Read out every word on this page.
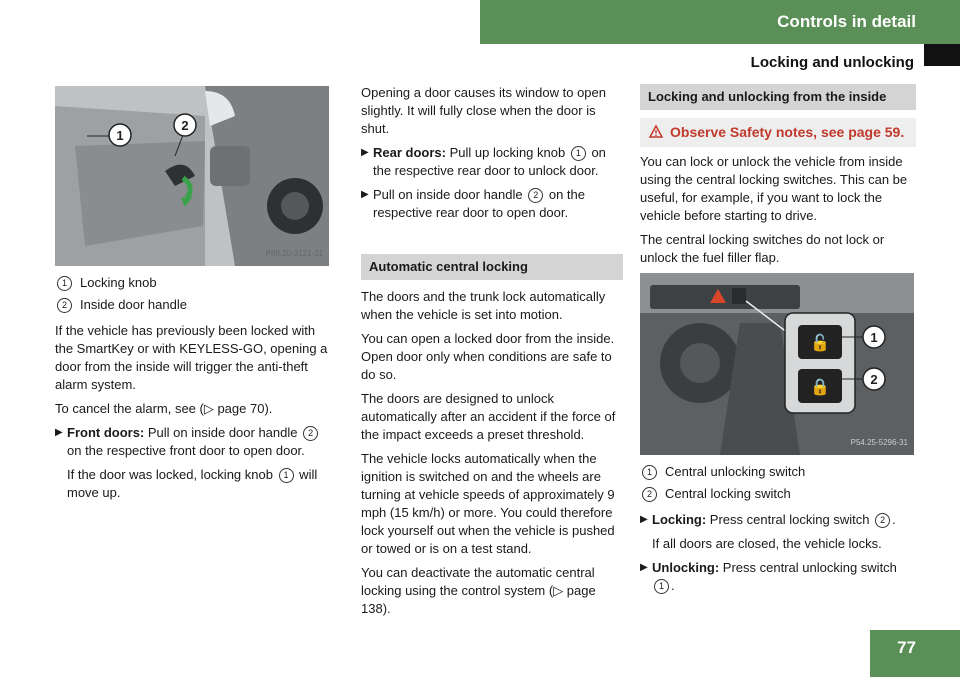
Controls in detail
Locking and unlocking
1
2
P88.20-3121-31
1	Locking knob
2	Inside door handle

If the vehicle has previously been locked with the SmartKey or with KEYLESS-GO, opening a door from the inside will trigger the anti-theft alarm system.

To cancel the alarm, see (▷ page 70).

▶ Front doors: Pull on inside door handle 2 on the respective front door to open door.
If the door was locked, locking knob 1 will move up.

Opening a door causes its window to open slightly. It will fully close when the door is shut.

▶ Rear doors: Pull up locking knob 1 on the respective rear door to unlock door.
▶ Pull on inside door handle 2 on the respective rear door to open door.
Automatic central locking

The doors and the trunk lock automatically when the vehicle is set into motion.

You can open a locked door from the inside. Open door only when conditions are safe to do so.

The doors are designed to unlock automatically after an accident if the force of the impact exceeds a preset threshold.

The vehicle locks automatically when the ignition is switched on and the wheels are turning at vehicle speeds of approximately 9 mph (15 km/h) or more. You could therefore lock yourself out when the vehicle is pushed or towed or is on a test stand.

You can deactivate the automatic central locking using the control system (▷ page 138).

Locking and unlocking from the inside
Observe Safety notes, see page 59.

You can lock or unlock the vehicle from inside using the central locking switches. This can be useful, for example, if you want to lock the vehicle before starting to drive.

The central locking switches do not lock or unlock the fuel filler flap.

🔓
🔒
1
2
P54.25-5296-31
1	Central unlocking switch
2	Central locking switch
▶ Locking: Press central locking switch 2 .
If all doors are closed, the vehicle locks.
▶ Unlocking: Press central unlocking switch 1 .
77
